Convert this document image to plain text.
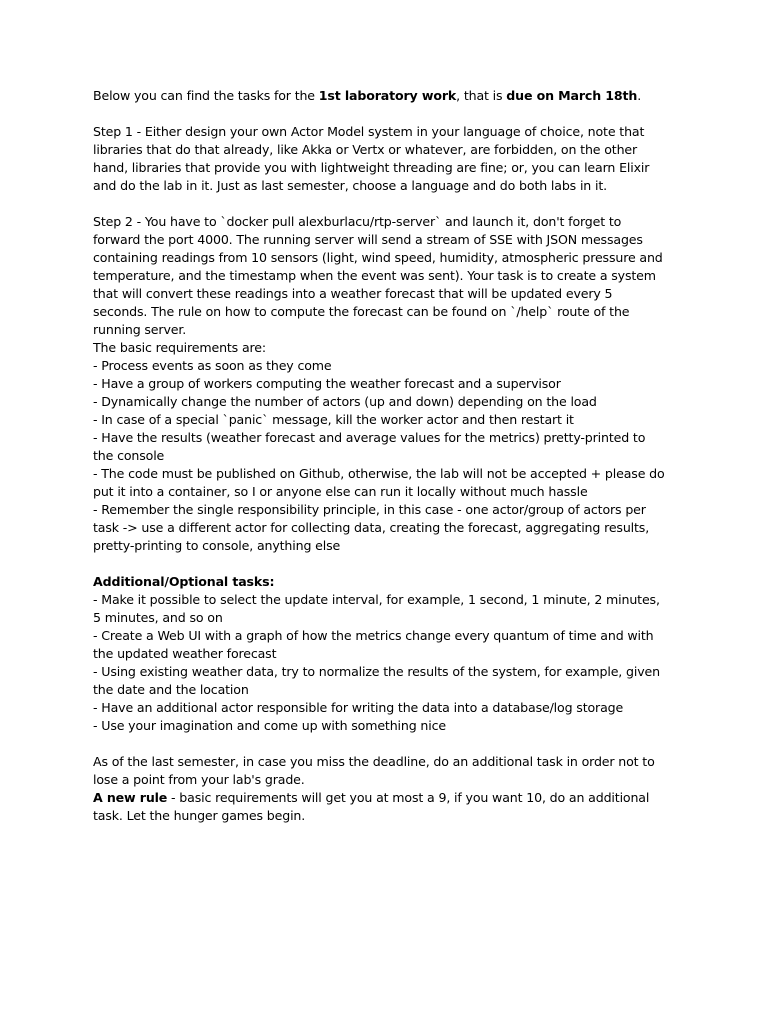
Below you can find the tasks for the 1st laboratory work, that is due on March 18th.
Step 1 - Either design your own Actor Model system in your language of choice, note that
libraries that do that already, like Akka or Vertx or whatever, are forbidden, on the other
hand, libraries that provide you with lightweight threading are fine; or, you can learn Elixir
and do the lab in it. Just as last semester, choose a language and do both labs in it.
Step 2 - You have to `docker pull alexburlacu/rtp-server` and launch it, don't forget to
forward the port 4000. The running server will send a stream of SSE with JSON messages
containing readings from 10 sensors (light, wind speed, humidity, atmospheric pressure and
temperature, and the timestamp when the event was sent). Your task is to create a system
that will convert these readings into a weather forecast that will be updated every 5
seconds. The rule on how to compute the forecast can be found on `/help` route of the
running server.
The basic requirements are:
- Process events as soon as they come
- Have a group of workers computing the weather forecast and a supervisor
- Dynamically change the number of actors (up and down) depending on the load
- In case of a special `panic` message, kill the worker actor and then restart it
- Have the results (weather forecast and average values for the metrics) pretty-printed to
the console
- The code must be published on Github, otherwise, the lab will not be accepted + please do
put it into a container, so I or anyone else can run it locally without much hassle
- Remember the single responsibility principle, in this case - one actor/group of actors per
task -> use a different actor for collecting data, creating the forecast, aggregating results,
pretty-printing to console, anything else
Additional/Optional tasks:
- Make it possible to select the update interval, for example, 1 second, 1 minute, 2 minutes,
5 minutes, and so on
- Create a Web UI with a graph of how the metrics change every quantum of time and with
the updated weather forecast
- Using existing weather data, try to normalize the results of the system, for example, given
the date and the location
- Have an additional actor responsible for writing the data into a database/log storage
- Use your imagination and come up with something nice
As of the last semester, in case you miss the deadline, do an additional task in order not to
lose a point from your lab's grade.
A new rule - basic requirements will get you at most a 9, if you want 10, do an additional
task. Let the hunger games begin.
